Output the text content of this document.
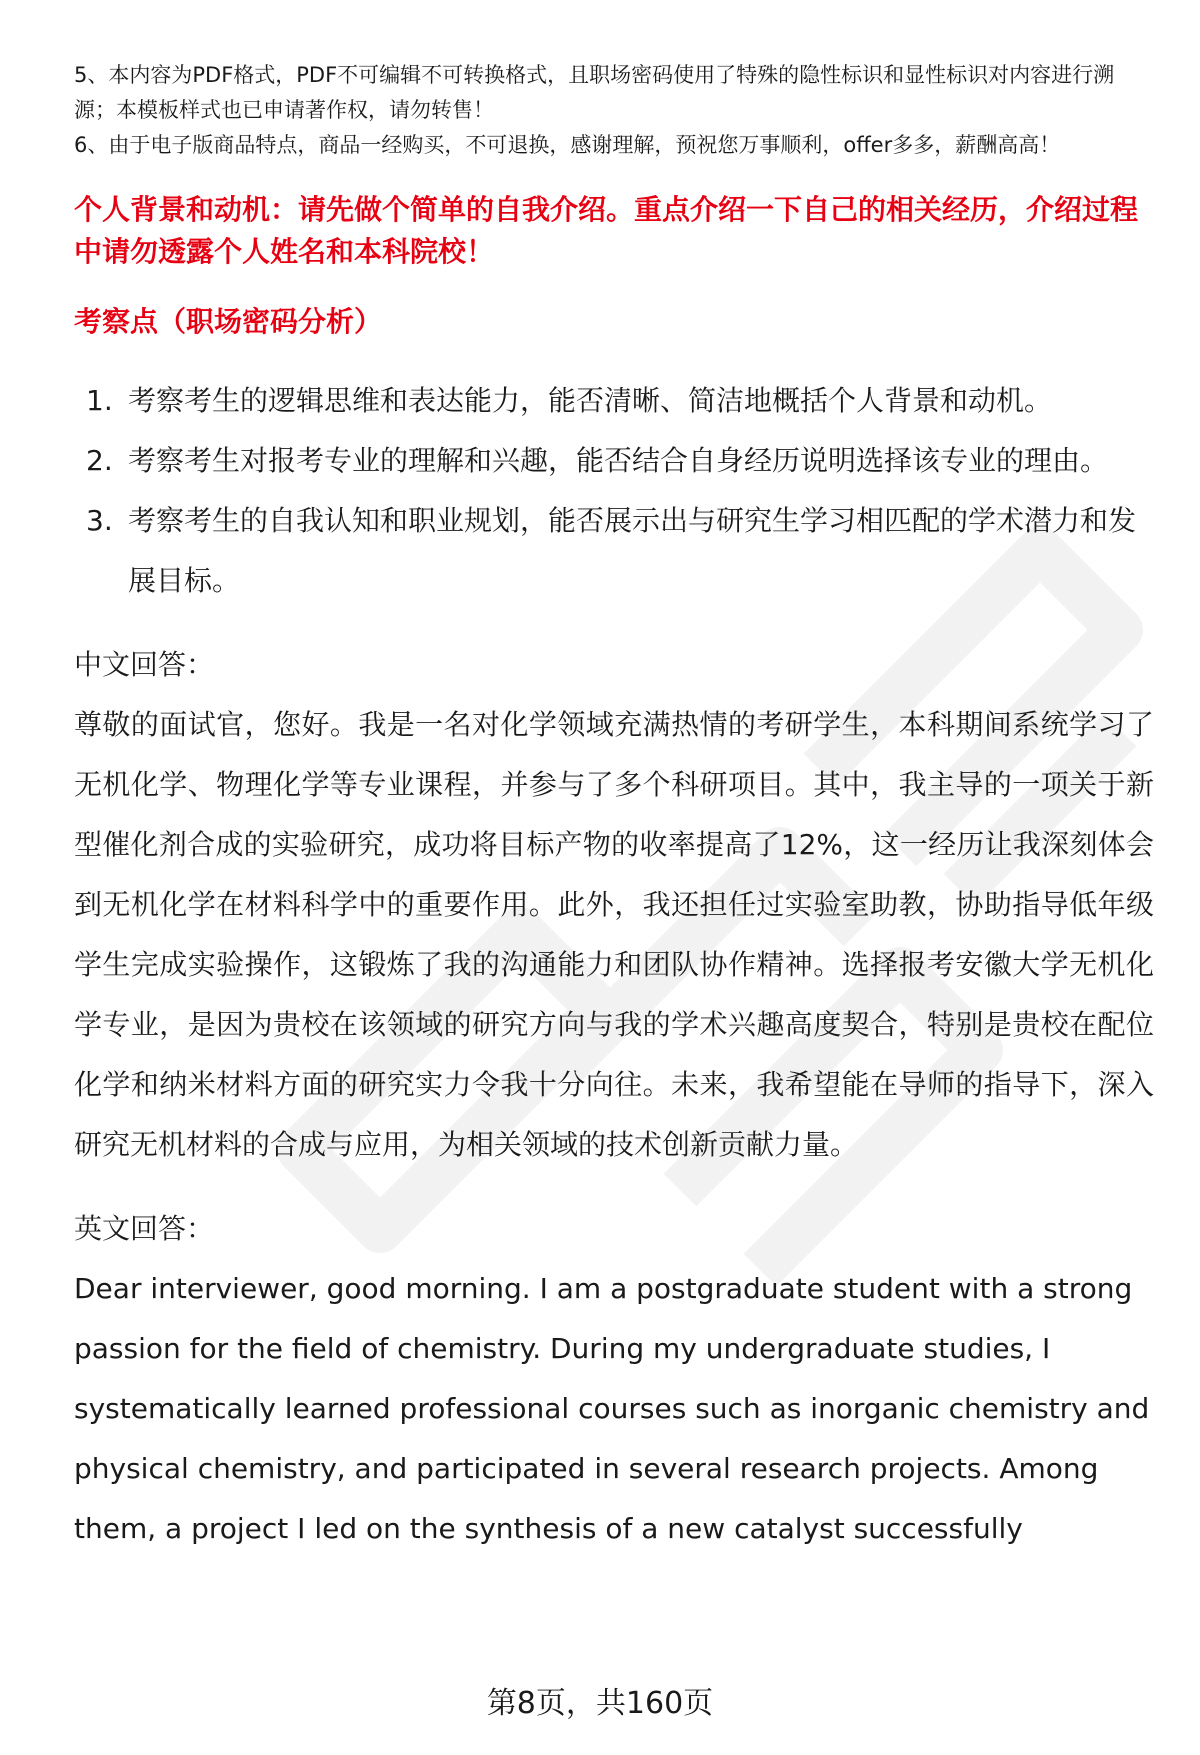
5、本内容为PDF格式，PDF不可编辑不可转换格式，且职场密码使用了特殊的隐性标识和显性标识对内容进行溯源；本模板样式也已申请著作权，请勿转售！

6、由于电子版商品特点，商品一经购买，不可退换，感谢理解，预祝您万事顺利，offer多多，薪酬高高！

个人背景和动机：请先做个简单的自我介绍。重点介绍一下自己的相关经历，介绍过程中请勿透露个人姓名和本科院校！

考察点（职场密码分析）

1. 考察考生的逻辑思维和表达能力，能否清晰、简洁地概括个人背景和动机。
2. 考察考生对报考专业的理解和兴趣，能否结合自身经历说明选择该专业的理由。
3. 考察考生的自我认知和职业规划，能否展示出与研究生学习相匹配的学术潜力和发展目标。

中文回答：

尊敬的面试官，您好。我是一名对化学领域充满热情的考研学生，本科期间系统学习了无机化学、物理化学等专业课程，并参与了多个科研项目。其中，我主导的一项关于新型催化剂合成的实验研究，成功将目标产物的收率提高了12%，这一经历让我深刻体会到无机化学在材料科学中的重要作用。此外，我还担任过实验室助教，协助指导低年级学生完成实验操作，这锻炼了我的沟通能力和团队协作精神。选择报考安徽大学无机化学专业，是因为贵校在该领域的研究方向与我的学术兴趣高度契合，特别是贵校在配位化学和纳米材料方面的研究实力令我十分向往。未来，我希望能在导师的指导下，深入研究无机材料的合成与应用，为相关领域的技术创新贡献力量。

英文回答：

Dear interviewer, good morning. I am a postgraduate student with a strong passion for the field of chemistry. During my undergraduate studies, I systematically learned professional courses such as inorganic chemistry and physical chemistry, and participated in several research projects. Among them, a project I led on the synthesis of a new catalyst successfully

第8页，共160页
